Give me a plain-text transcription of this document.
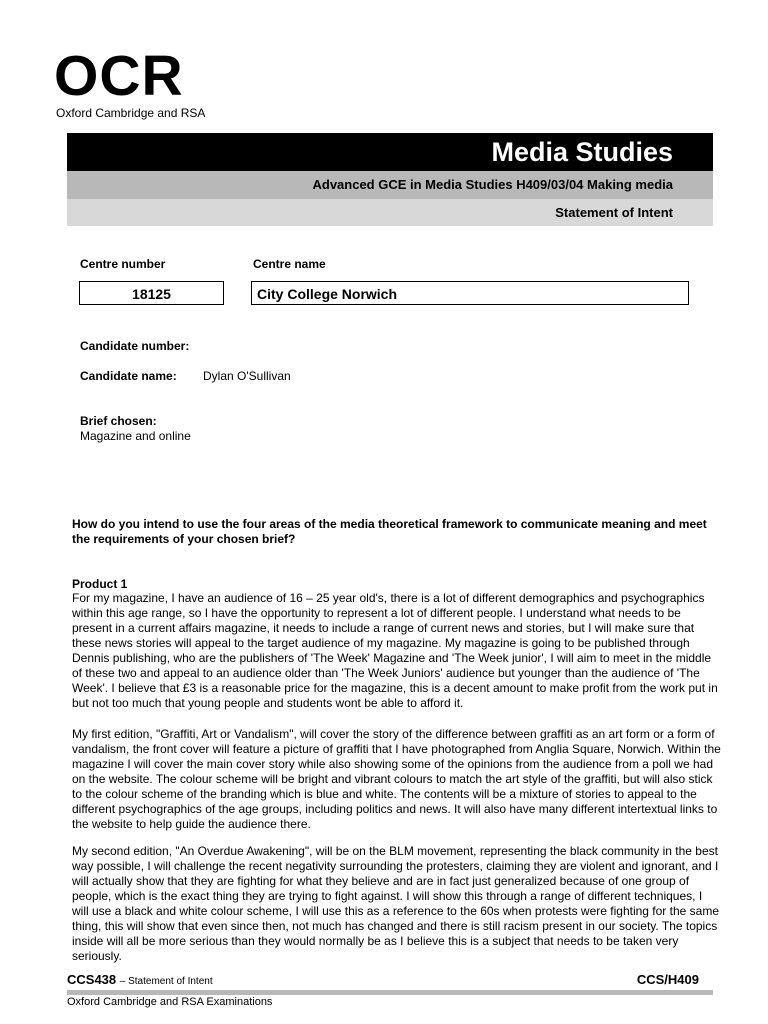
OCR
Oxford Cambridge and RSA
Media Studies
Advanced GCE in Media Studies H409/03/04 Making media
Statement of Intent
Centre number	Centre name
18125	City College Norwich
Candidate number:
Candidate name: Dylan O'Sullivan
Brief chosen:
Magazine and online
How do you intend to use the four areas of the media theoretical framework to communicate meaning and meet the requirements of your chosen brief?
Product 1

For my magazine, I have an audience of 16 – 25 year old's, there is a lot of different demographics and psychographics within this age range, so I have the opportunity to represent a lot of different people. I understand what needs to be present in a current affairs magazine, it needs to include a range of current news and stories, but I will make sure that these news stories will appeal to the target audience of my magazine. My magazine is going to be published through Dennis publishing, who are the publishers of 'The Week' Magazine and 'The Week junior', I will aim to meet in the middle of these two and appeal to an audience older than 'The Week Juniors' audience but younger than the audience of 'The Week'. I believe that £3 is a reasonable price for the magazine, this is a decent amount to make profit from the work put in but not too much that young people and students wont be able to afford it.

My first edition, "Graffiti, Art or Vandalism", will cover the story of the difference between graffiti as an art form or a form of vandalism, the front cover will feature a picture of graffiti that I have photographed from Anglia Square, Norwich. Within the magazine I will cover the main cover story while also showing some of the opinions from the audience from a poll we had on the website. The colour scheme will be bright and vibrant colours to match the art style of the graffiti, but will also stick to the colour scheme of the branding which is blue and white. The contents will be a mixture of stories to appeal to the different psychographics of the age groups, including politics and news. It will also have many different intertextual links to the website to help guide the audience there.

My second edition, "An Overdue Awakening", will be on the BLM movement, representing the black community in the best way possible, I will challenge the recent negativity surrounding the protesters, claiming they are violent and ignorant, and I will actually show that they are fighting for what they believe and are in fact just generalized because of one group of people, which is the exact thing they are trying to fight against. I will show this through a range of different techniques, I will use a black and white colour scheme, I will use this as a reference to the 60s when protests were fighting for the same thing, this will show that even since then, not much has changed and there is still racism present in our society. The topics inside will all be more serious than they would normally be as I believe this is a subject that needs to be taken very seriously.

CCS438 – Statement of Intent	CCS/H409
Oxford Cambridge and RSA Examinations
